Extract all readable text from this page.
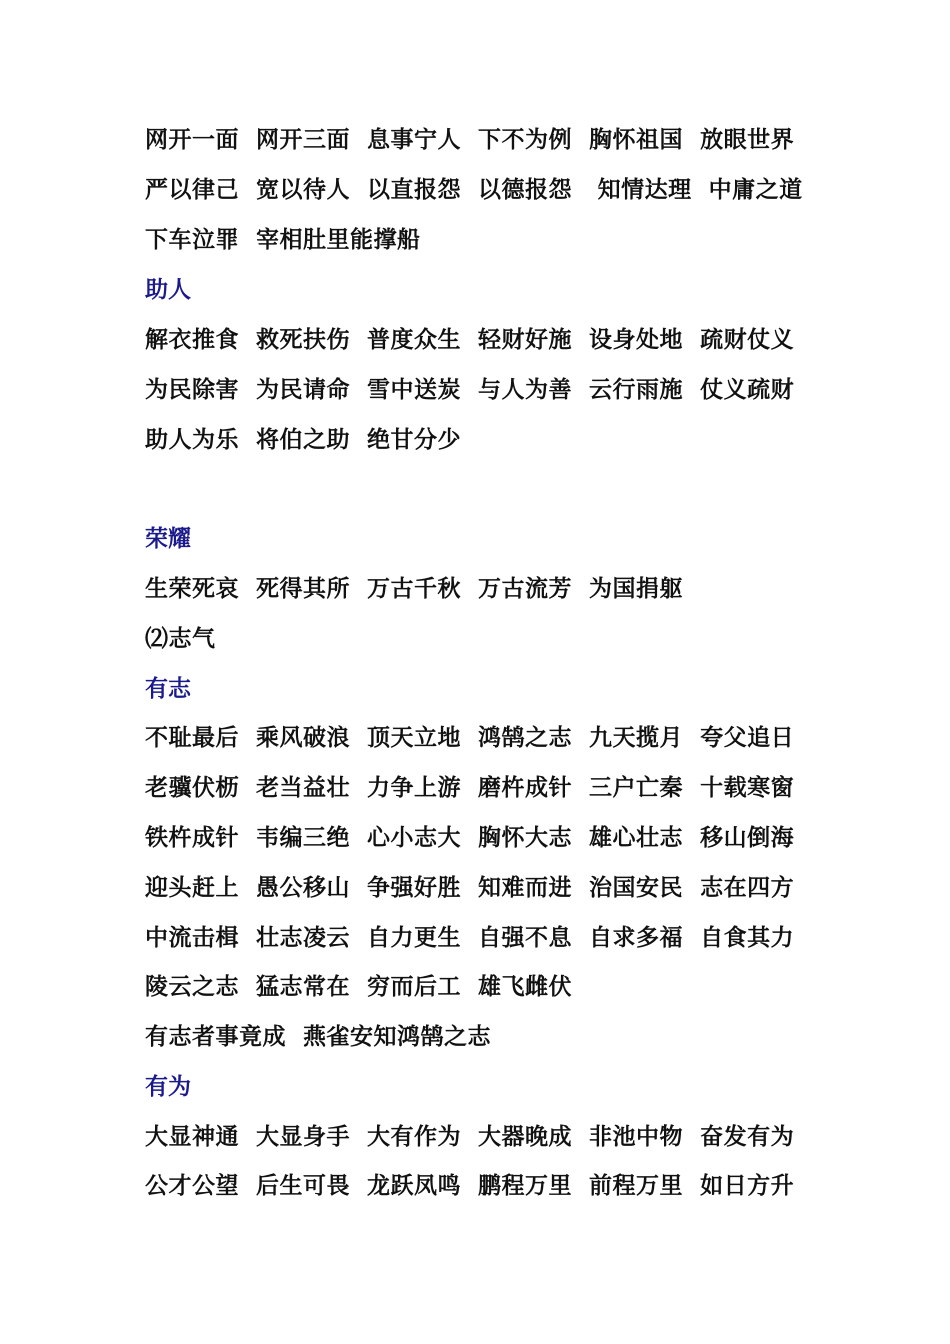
网开一面  网开三面  息事宁人  下不为例  胸怀祖国  放眼世界
严以律己  宽以待人  以直报怨  以德报怨   知情达理  中庸之道
下车泣罪  宰相肚里能撑船
助人
解衣推食  救死扶伤  普度众生  轻财好施  设身处地  疏财仗义
为民除害  为民请命  雪中送炭  与人为善  云行雨施  仗义疏财
助人为乐  将伯之助  绝甘分少
荣耀
生荣死哀  死得其所  万古千秋  万古流芳  为国捐躯
⑵志气
有志
不耻最后  乘风破浪  顶天立地  鸿鹄之志  九天揽月  夸父追日
老骥伏枥  老当益壮  力争上游  磨杵成针  三户亡秦  十载寒窗
铁杵成针  韦编三绝  心小志大  胸怀大志  雄心壮志  移山倒海
迎头赶上  愚公移山  争强好胜  知难而进  治国安民  志在四方
中流击楫  壮志凌云  自力更生  自强不息  自求多福  自食其力
陵云之志  猛志常在  穷而后工  雄飞雌伏
有志者事竟成  燕雀安知鸿鹄之志
有为
大显神通  大显身手  大有作为  大器晚成  非池中物  奋发有为
公才公望  后生可畏  龙跃凤鸣  鹏程万里  前程万里  如日方升
